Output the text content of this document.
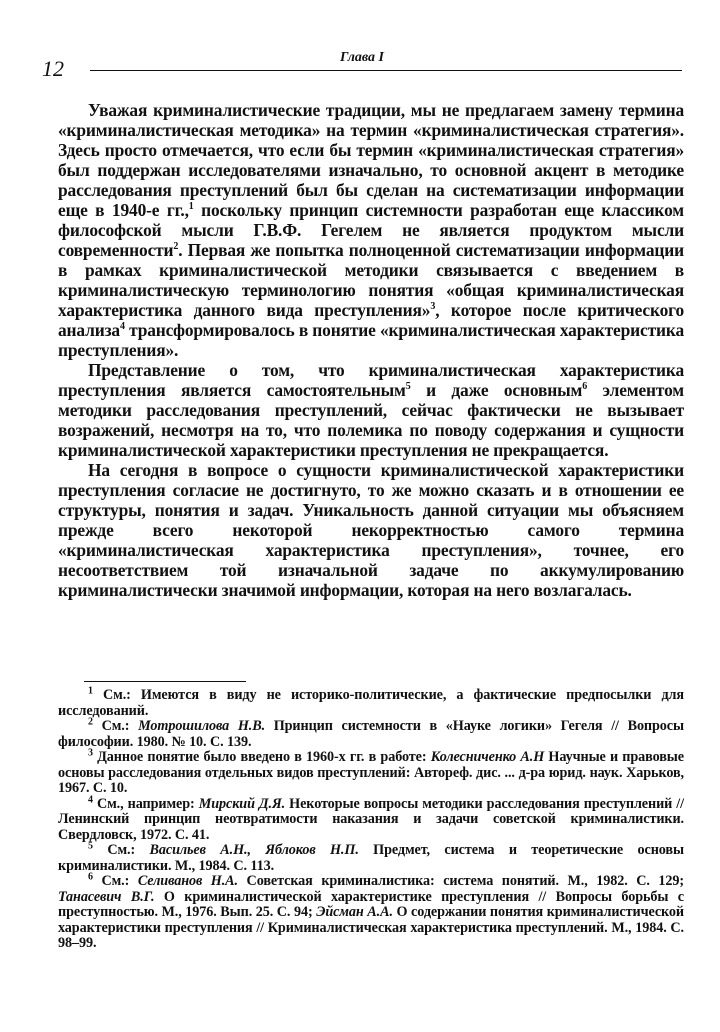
12	Глава I

Уважая криминалистические традиции, мы не предлагаем замену термина «криминалистическая методика» на термин «криминалистическая стратегия». Здесь просто отмечается, что если бы термин «криминалистическая стратегия» был поддержан исследователями изначально, то основной акцент в методике расследования преступлений был бы сделан на систематизации информации еще в 1940-е гг.,$^1$ поскольку принцип системности разработан еще классиком философской мысли Г.В.Ф. Гегелем не является продуктом мысли современности$^2$. Первая же попытка полноценной систематизации информации в рамках криминалистической методики связывается с введением в криминалистическую терминологию понятия «общая криминалистическая характеристика данного вида преступления»$^3$, которое после критического анализа$^4$ трансформировалось в понятие «криминалистическая характеристика преступления».

Представление о том, что криминалистическая характеристика преступления является самостоятельным$^5$ и даже основным$^6$ элементом методики расследования преступлений, сейчас фактически не вызывает возражений, несмотря на то, что полемика по поводу содержания и сущности криминалистической характеристики преступления не прекращается.

На сегодня в вопросе о сущности криминалистической характеристики преступления согласие не достигнуто, то же можно сказать и в отношении ее структуры, понятия и задач. Уникальность данной ситуации мы объясняем прежде всего некоторой некорректностью самого термина «криминалистическая характеристика преступления», точнее, его несоответствием той изначальной задаче по аккумулированию криминалистически значимой информации, которая на него возлагалась.

$^1$ См.: Имеются в виду не историко-политические, а фактические предпосылки для исследований.

$^2$ См.: Мотрошилова Н.В. Принцип системности в «Науке логики» Гегеля // Вопросы философии. 1980. № 10. С. 139.

$^3$ Данное понятие было введено в 1960-х гг. в работе: Колесниченко А.Н Научные и правовые основы расследования отдельных видов преступлений: Автореф. дис. ... д-ра юрид. наук. Харьков, 1967. С. 10.

$^4$ См., например: Мирский Д.Я. Некоторые вопросы методики расследования преступлений // Ленинский принцип неотвратимости наказания и задачи советской криминалистики. Свердловск, 1972. С. 41.

$^5$ См.: Васильев А.Н., Яблоков Н.П. Предмет, система и теоретические основы криминалистики. М., 1984. С. 113.

$^6$ См.: Селиванов Н.А. Советская криминалистика: система понятий. М., 1982. С. 129; Танасевич В.Г. О криминалистической характеристике преступления // Вопросы борьбы с преступностью. М., 1976. Вып. 25. С. 94; Эйсман А.А. О содержании понятия криминалистической характеристики преступления // Криминалистическая характеристика преступлений. М., 1984. С. 98–99.
